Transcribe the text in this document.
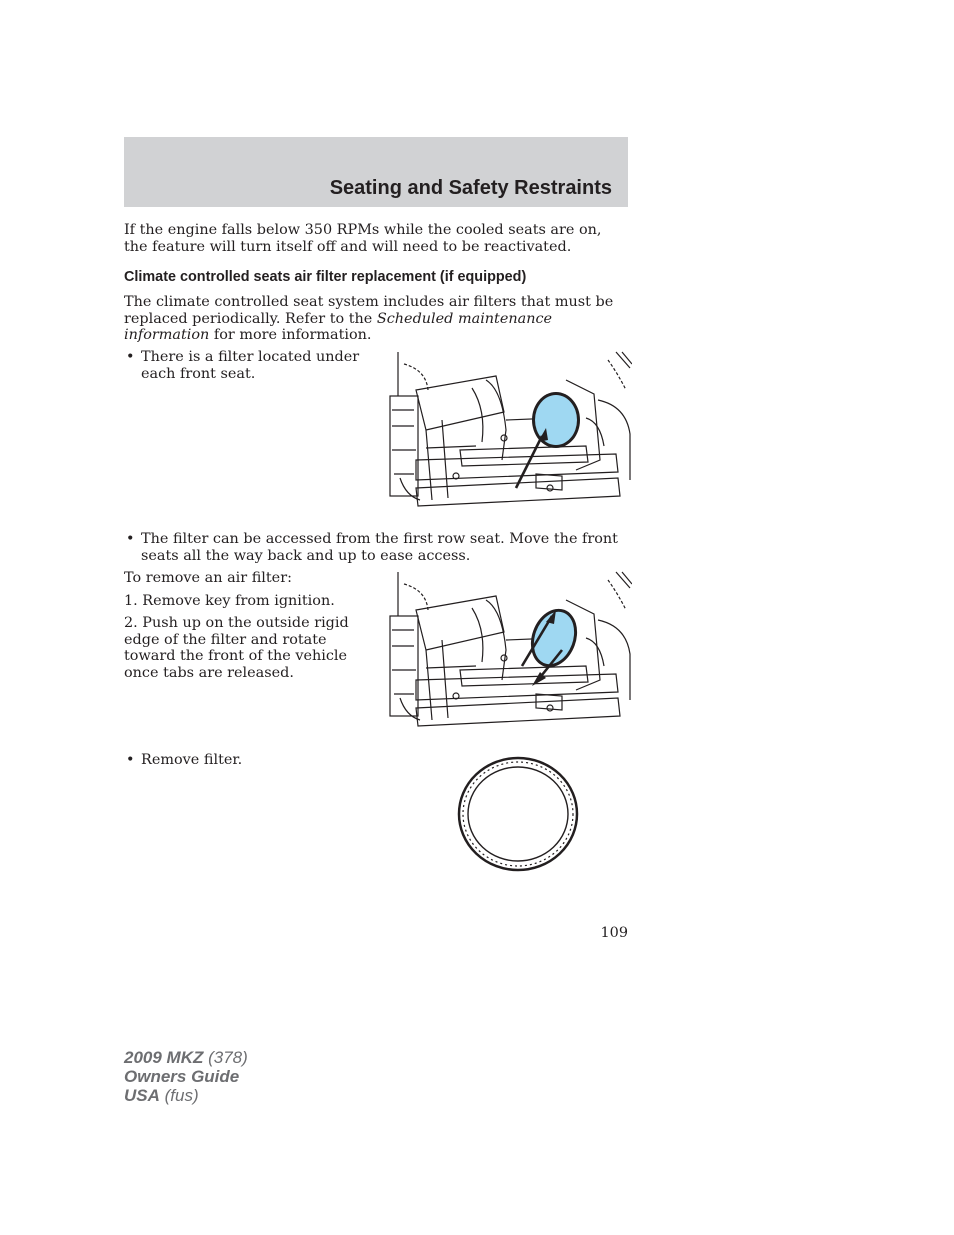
Seating and Safety Restraints

If the engine falls below 350 RPMs while the cooled seats are on, the feature will turn itself off and will need to be reactivated.

Climate controlled seats air filter replacement (if equipped)

The climate controlled seat system includes air filters that must be replaced periodically. Refer to the Scheduled maintenance information for more information.

• There is a filter located under each front seat.

• The filter can be accessed from the first row seat. Move the front seats all the way back and up to ease access.

To remove an air filter:

1. Remove key from ignition.

2. Push up on the outside rigid edge of the filter and rotate toward the front of the vehicle once tabs are released.

• Remove filter.

109
2009 MKZ (378)
Owners Guide
USA (fus)
